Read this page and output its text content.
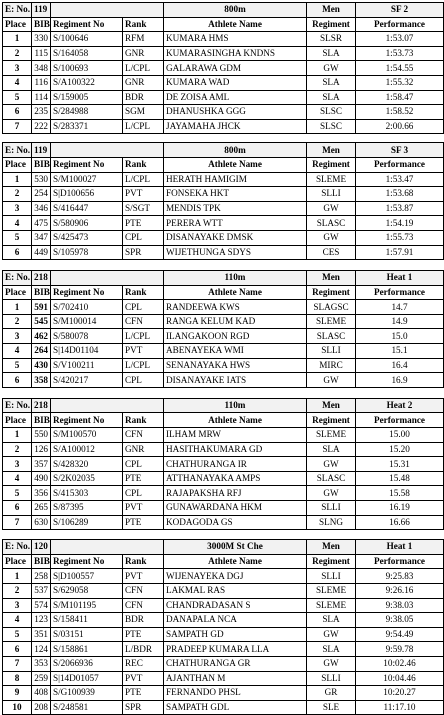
E: No.	119			800m	Men	SF 2
Place	BIB	Regiment No	Rank	Athlete Name	Regiment	Performance
1	330	S/100646	RFM	KUMARA HMS	SLSR	1:53.07
2	115	S/164058	GNR	KUMARASINGHA KNDNS	SLA	1:53.73
3	348	S/100693	L/CPL	GALARAWA GDM	GW	1:54.55
4	116	S/A100322	GNR	KUMARA WAD	SLA	1:55.32
5	114	S/159005	BDR	DE ZOISA AML	SLA	1:58.47
6	235	S/284988	SGM	DHANUSHKA GGG	SLSC	1:58.52
7	222	S/283371	L/CPL	JAYAMAHA JHCK	SLSC	2:00.66
E: No.	119			800m	Men	SF 3
Place	BIB	Regiment No	Rank	Athlete Name	Regiment	Performance
1	530	S/M100027	L/CPL	HERATH HAMIGIM	SLEME	1:53.47
2	254	S|D100656	PVT	FONSEKA HKT	SLLI	1:53.68
3	346	S/416447	S/SGT	MENDIS TPK	GW	1:53.87
4	475	S/580906	PTE	PERERA WTT	SLASC	1:54.19
5	347	S/425473	CPL	DISANAYAKE DMSK	GW	1:55.73
6	449	S/105978	SPR	WIJETHUNGA SDYS	CES	1:57.91
E: No.	218			110m	Men	Heat 1
Place	BIB	Regiment No	Rank	Athlete Name	Regiment	Performance
1	591	S/702410	CPL	RANDEEWA KWS	SLAGSC	14.7
2	545	S/M100014	CFN	RANGA KELUM KAD	SLEME	14.9
3	462	S/580078	L/CPL	ILANGAKOON RGD	SLASC	15.0
4	264	S|14D01104	PVT	ABENAYEKA WMI	SLLI	15.1
5	430	S/V100211	L/CPL	SENANAYAKA HWS	MIRC	16.4
6	358	S/420217	CPL	DISANAYAKE IATS	GW	16.9
E: No.	218			110m	Men	Heat 2
Place	BIB	Regiment No	Rank	Athlete Name	Regiment	Performance
1	550	S/M100570	CFN	ILHAM MRW	SLEME	15.00
2	126	S/A100012	GNR	HASITHAKUMARA GD	SLA	15.20
3	357	S/428320	CPL	CHATHURANGA IR	GW	15.31
4	490	S/2K02035	PTE	ATTHANAYAKA AMPS	SLASC	15.48
5	356	S/415303	CPL	RAJAPAKSHA RFJ	GW	15.58
6	265	S/87395	PVT	GUNAWARDANA HKM	SLLI	16.19
7	630	S/106289	PTE	KODAGODA GS	SLNG	16.66
E: No.	120			3000M St Che	Men	Heat 1
Place	BIB	Regiment No	Rank	Athlete Name	Regiment	Performance
1	258	S|D100557	PVT	WIJENAYEKA DGJ	SLLI	9:25.83
2	537	S/629058	CFN	LAKMAL RAS	SLEME	9:26.16
3	574	S/M101195	CFN	CHANDRADASAN S	SLEME	9:38.03
4	123	S/158411	BDR	DANAPALA NCA	SLA	9:38.05
5	351	S/03151	PTE	SAMPATH GD	GW	9:54.49
6	124	S/158861	L/BDR	PRADEEP KUMARA LLA	SLA	9:59.78
7	353	S/2066936	REC	CHATHURANGA GR	GW	10:02.46
8	259	S|14D01057	PVT	AJANTHAN M	SLLI	10:04.46
9	408	S/G100939	PTE	FERNANDO PHSL	GR	10:20.27
10	208	S/248581	SPR	SAMPATH GDL	SLE	11:17.10
